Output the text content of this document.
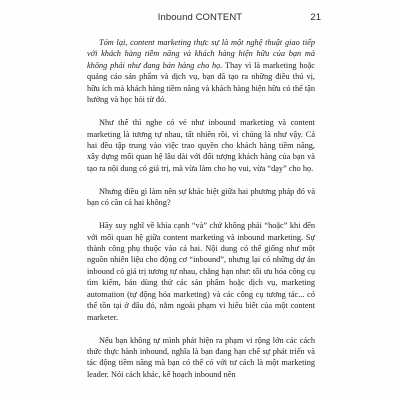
Inbound CONTENT	21

Tóm lại, content marketing thực sự là một nghệ thuật giao tiếp với khách hàng tiềm năng và khách hàng hiện hữu của bạn mà không phải như đang bán hàng cho họ. Thay vì là marketing hoặc quảng cáo sản phẩm và dịch vụ, bạn đã tạo ra những điều thú vị, hữu ích mà khách hàng tiềm năng và khách hàng hiện hữu có thể tận hưởng và học hỏi từ đó.

Như thế thì nghe có vẻ như inbound marketing và content marketing là tương tự nhau, tất nhiên rồi, vì chúng là như vậy. Cả hai đều tập trung vào việc trao quyền cho khách hàng tiềm năng, xây dựng mối quan hệ lâu dài với đối tượng khách hàng của bạn và tạo ra nội dung có giá trị, mà vừa làm cho họ vui, vừa “dạy” cho họ.

Nhưng điều gì làm nên sự khác biệt giữa hai phương pháp đó và bạn có cần cả hai không?

Hãy suy nghĩ về khía cạnh “và” chứ không phải “hoặc” khi đến với mối quan hệ giữa content marketing và inbound marketing. Sự thành công phụ thuộc vào cả hai. Nội dung có thể giống như một nguồn nhiên liệu cho động cơ “inbound”, nhưng lại có những dự án inbound có giá trị tương tự nhau, chẳng hạn như: tối ưu hóa công cụ tìm kiếm, bản dùng thử các sản phẩm hoặc dịch vụ, marketing automation (tự động hóa marketing) và các công cụ tương tác... có thể tồn tại ở đâu đó, nằm ngoài phạm vi hiểu biết của một content marketer.

Nếu bạn không tự mình phát hiện ra phạm vi rộng lớn các cách thức thực hành inbound, nghĩa là bạn đang hạn chế sự phát triển và tác động tiềm năng mà bạn có thể có với tư cách là một marketing leader. Nói cách khác, kế hoạch inbound nên
